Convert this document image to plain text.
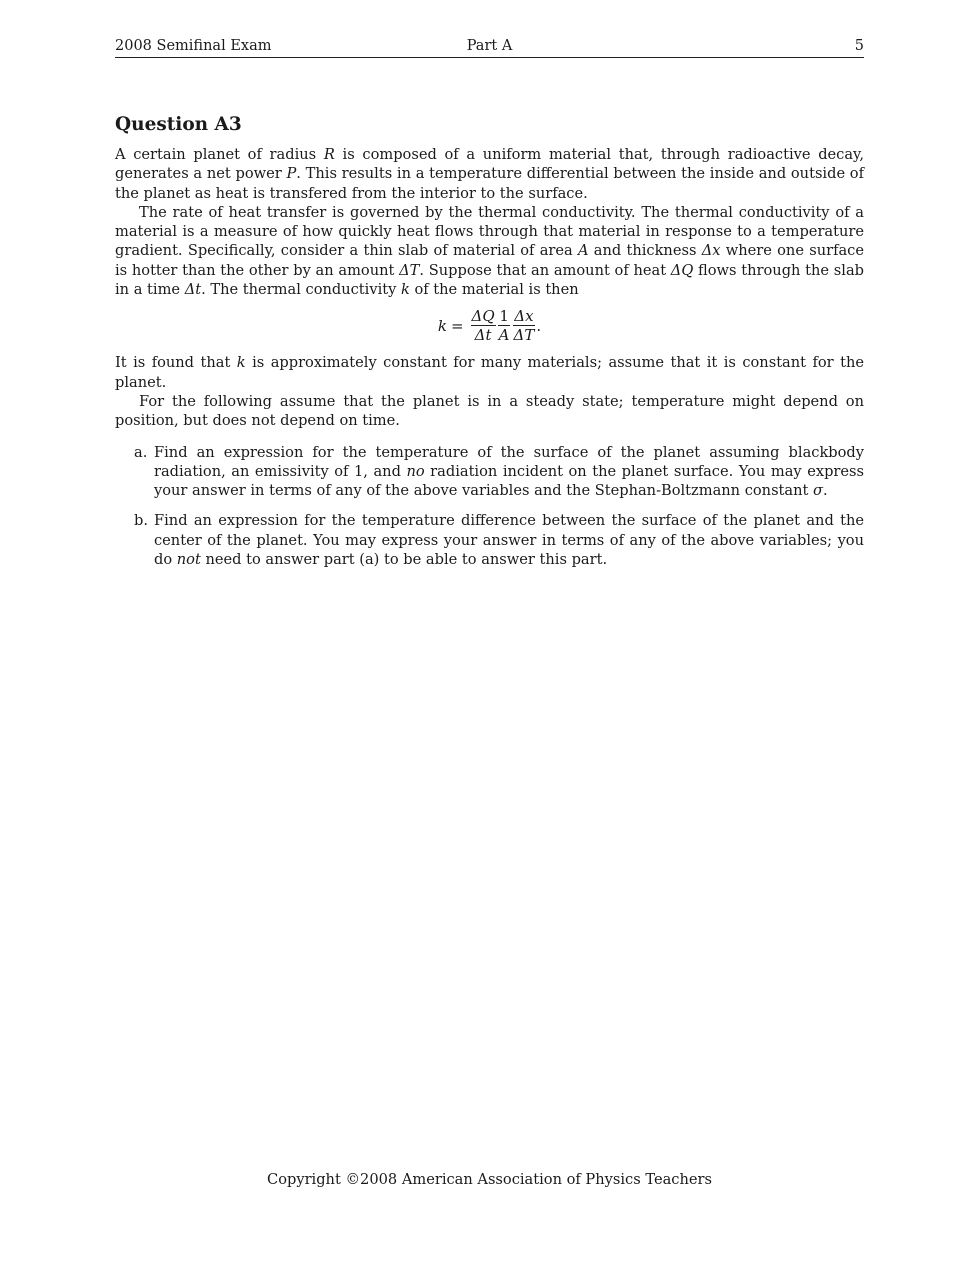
2008 Semifinal Exam	Part A	5
Question A3

A certain planet of radius R is composed of a uniform material that, through radioactive decay, generates a net power P. This results in a temperature differential between the inside and outside of the planet as heat is transfered from the interior to the surface.

The rate of heat transfer is governed by the thermal conductivity. The thermal conductivity of a material is a measure of how quickly heat flows through that material in response to a temperature gradient. Specifically, consider a thin slab of material of area A and thickness Δx where one surface is hotter than the other by an amount ΔT. Suppose that an amount of heat ΔQ flows through the slab in a time Δt. The thermal conductivity k of the material is then

$k = \frac{\Delta Q}{\Delta t} \frac{1}{A} \frac{\Delta x}{\Delta T}$ .

It is found that k is approximately constant for many materials; assume that it is constant for the planet.

For the following assume that the planet is in a steady state; temperature might depend on position, but does not depend on time.

a. Find an expression for the temperature of the surface of the planet assuming blackbody radiation, an emissivity of 1, and no radiation incident on the planet surface. You may express your answer in terms of any of the above variables and the Stephan-Boltzmann constant σ.
b. Find an expression for the temperature difference between the surface of the planet and the center of the planet. You may express your answer in terms of any of the above variables; you do not need to answer part (a) to be able to answer this part.
Copyright ©2008 American Association of Physics Teachers
